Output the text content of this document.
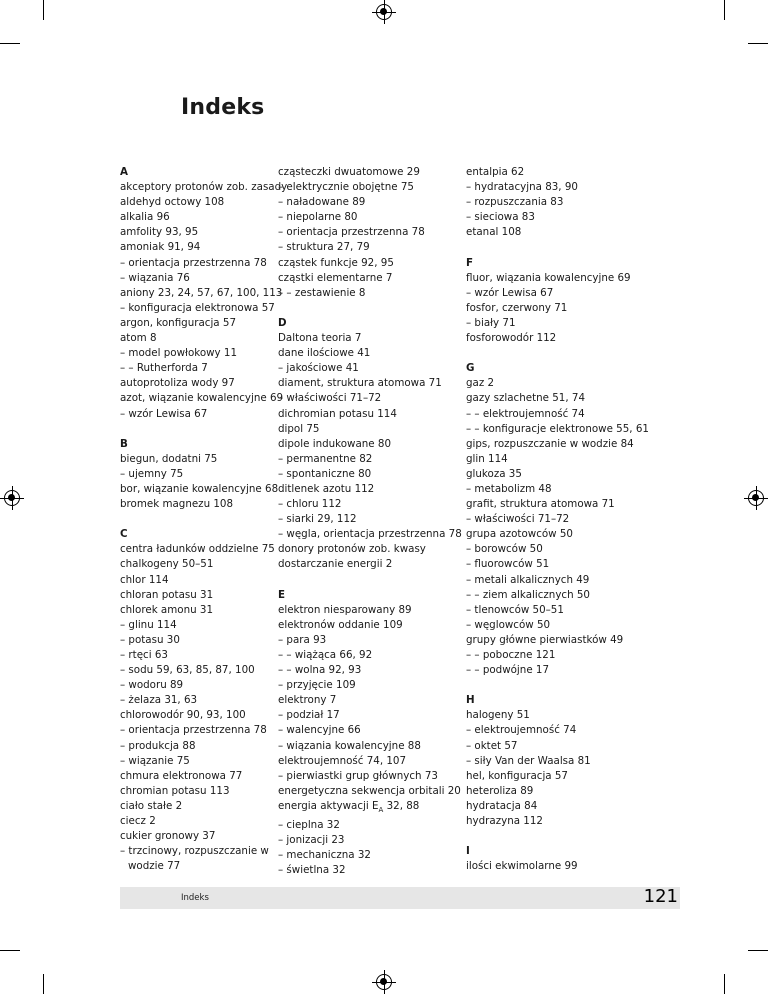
Indeks
A
akceptory protonów zob. zasady
aldehyd octowy 108
alkalia 96
amfolity 93, 95
amoniak 91, 94
– orientacja przestrzenna 78
– wiązania 76
aniony 23, 24, 57, 67, 100, 113
– konfiguracja elektronowa 57
argon, konfiguracja 57
atom 8
– model powłokowy 11
– – Rutherforda 7
autoprotoliza wody 97
azot, wiązanie kowalencyjne 69
– wzór Lewisa 67
B
biegun, dodatni 75
– ujemny 75
bor, wiązanie kowalencyjne 68
bromek magnezu 108
C
centra ładunków oddzielne 75
chalkogeny 50–51
chlor 114
chloran potasu 31
chlorek amonu 31
– glinu 114
– potasu 30
– rtęci 63
– sodu 59, 63, 85, 87, 100
– wodoru 89
– żelaza 31, 63
chlorowodór 90, 93, 100
– orientacja przestrzenna 78
– produkcja 88
– wiązanie 75
chmura elektronowa 77
chromian potasu 113
ciało stałe 2
ciecz 2
cukier gronowy 37
– trzcinowy, rozpuszczanie w
wodzie 77
cząsteczki dwuatomowe 29
– elektrycznie obojętne 75
– naładowane 89
– niepolarne 80
– orientacja przestrzenna 78
– struktura 27, 79
cząstek funkcje 92, 95
cząstki elementarne 7
– – zestawienie 8
D
Daltona teoria 7
dane ilościowe 41
– jakościowe 41
diament, struktura atomowa 71
– właściwości 71–72
dichromian potasu 114
dipol 75
dipole indukowane 80
– permanentne 82
– spontaniczne 80
ditlenek azotu 112
– chloru 112
– siarki 29, 112
– węgla, orientacja przestrzenna 78
donory protonów zob. kwasy
dostarczanie energii 2
E
elektron niesparowany 89
elektronów oddanie 109
– para 93
– – wiążąca 66, 92
– – wolna 92, 93
– przyjęcie 109
elektrony 7
– podział 17
– walencyjne 66
– wiązania kowalencyjne 88
elektroujemność 74, 107
– pierwiastki grup głównych 73
energetyczna sekwencja orbitali 20
energia aktywacji $E_A$ 32, 88
– cieplna 32
– jonizacji 23
– mechaniczna 32
– świetlna 32
entalpia 62
– hydratacyjna 83, 90
– rozpuszczania 83
– sieciowa 83
etanal 108
F
fluor, wiązania kowalencyjne 69
– wzór Lewisa 67
fosfor, czerwony 71
– biały 71
fosforowodór 112
G
gaz 2
gazy szlachetne 51, 74
– – elektroujemność 74
– – konfiguracje elektronowe 55, 61
gips, rozpuszczanie w wodzie 84
glin 114
glukoza 35
– metabolizm 48
grafit, struktura atomowa 71
– właściwości 71–72
grupa azotowców 50
– borowców 50
– fluorowców 51
– metali alkalicznych 49
– – ziem alkalicznych 50
– tlenowców 50–51
– węglowców 50
grupy główne pierwiastków 49
– – poboczne 121
– – podwójne 17
H
halogeny 51
– elektroujemność 74
– oktet 57
– siły Van der Waalsa 81
hel, konfiguracja 57
heteroliza 89
hydratacja 84
hydrazyna 112
I
ilości ekwimolarne 99
Indeks	121
